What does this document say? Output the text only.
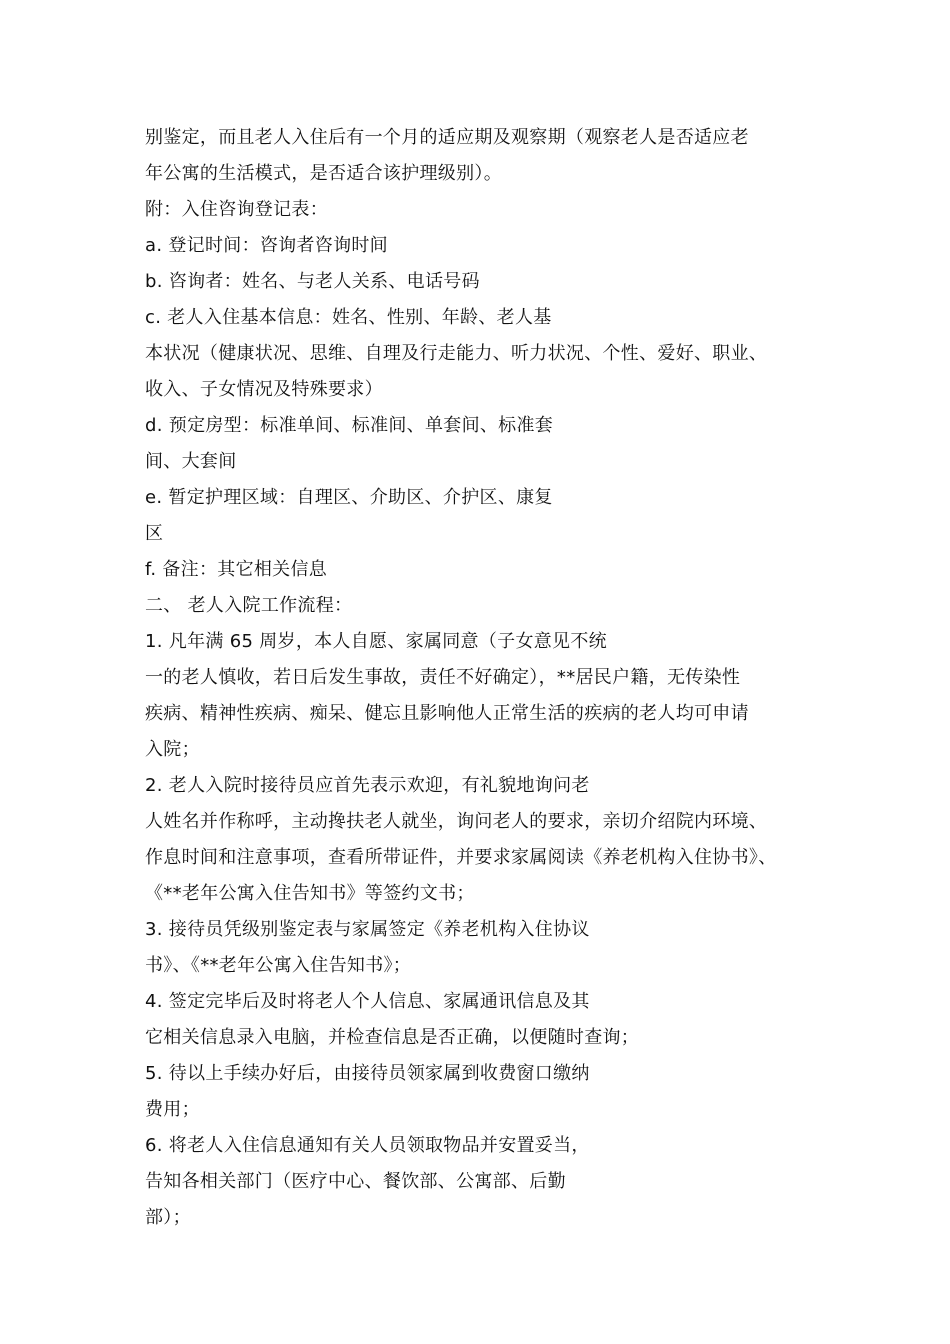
别鉴定，而且老人入住后有一个月的适应期及观察期（观察老人是否适应老
年公寓的生活模式，是否适合该护理级别）。
附：入住咨询登记表：
a. 登记时间：咨询者咨询时间
b. 咨询者：姓名、与老人关系、电话号码
c. 老人入住基本信息：姓名、性别、年龄、老人基
本状况（健康状况、思维、自理及行走能力、听力状况、个性、爱好、职业、
收入、子女情况及特殊要求）
d. 预定房型：标准单间、标准间、单套间、标准套
间、大套间
e. 暂定护理区域：自理区、介助区、介护区、康复
区
f. 备注：其它相关信息
二、 老人入院工作流程：
1. 凡年满 65 周岁，本人自愿、家属同意（子女意见不统
一的老人慎收，若日后发生事故，责任不好确定），**居民户籍，无传染性
疾病、精神性疾病、痴呆、健忘且影响他人正常生活的疾病的老人均可申请
入院；
2. 老人入院时接待员应首先表示欢迎，有礼貌地询问老
人姓名并作称呼，主动搀扶老人就坐，询问老人的要求，亲切介绍院内环境、
作息时间和注意事项，查看所带证件，并要求家属阅读《养老机构入住协书》、
《**老年公寓入住告知书》等签约文书；
3. 接待员凭级别鉴定表与家属签定《养老机构入住协议
书》、《**老年公寓入住告知书》；
4. 签定完毕后及时将老人个人信息、家属通讯信息及其
它相关信息录入电脑，并检查信息是否正确，以便随时查询；
5. 待以上手续办好后，由接待员领家属到收费窗口缴纳
费用；
6. 将老人入住信息通知有关人员领取物品并安置妥当，
告知各相关部门（医疗中心、餐饮部、公寓部、后勤
部）；
